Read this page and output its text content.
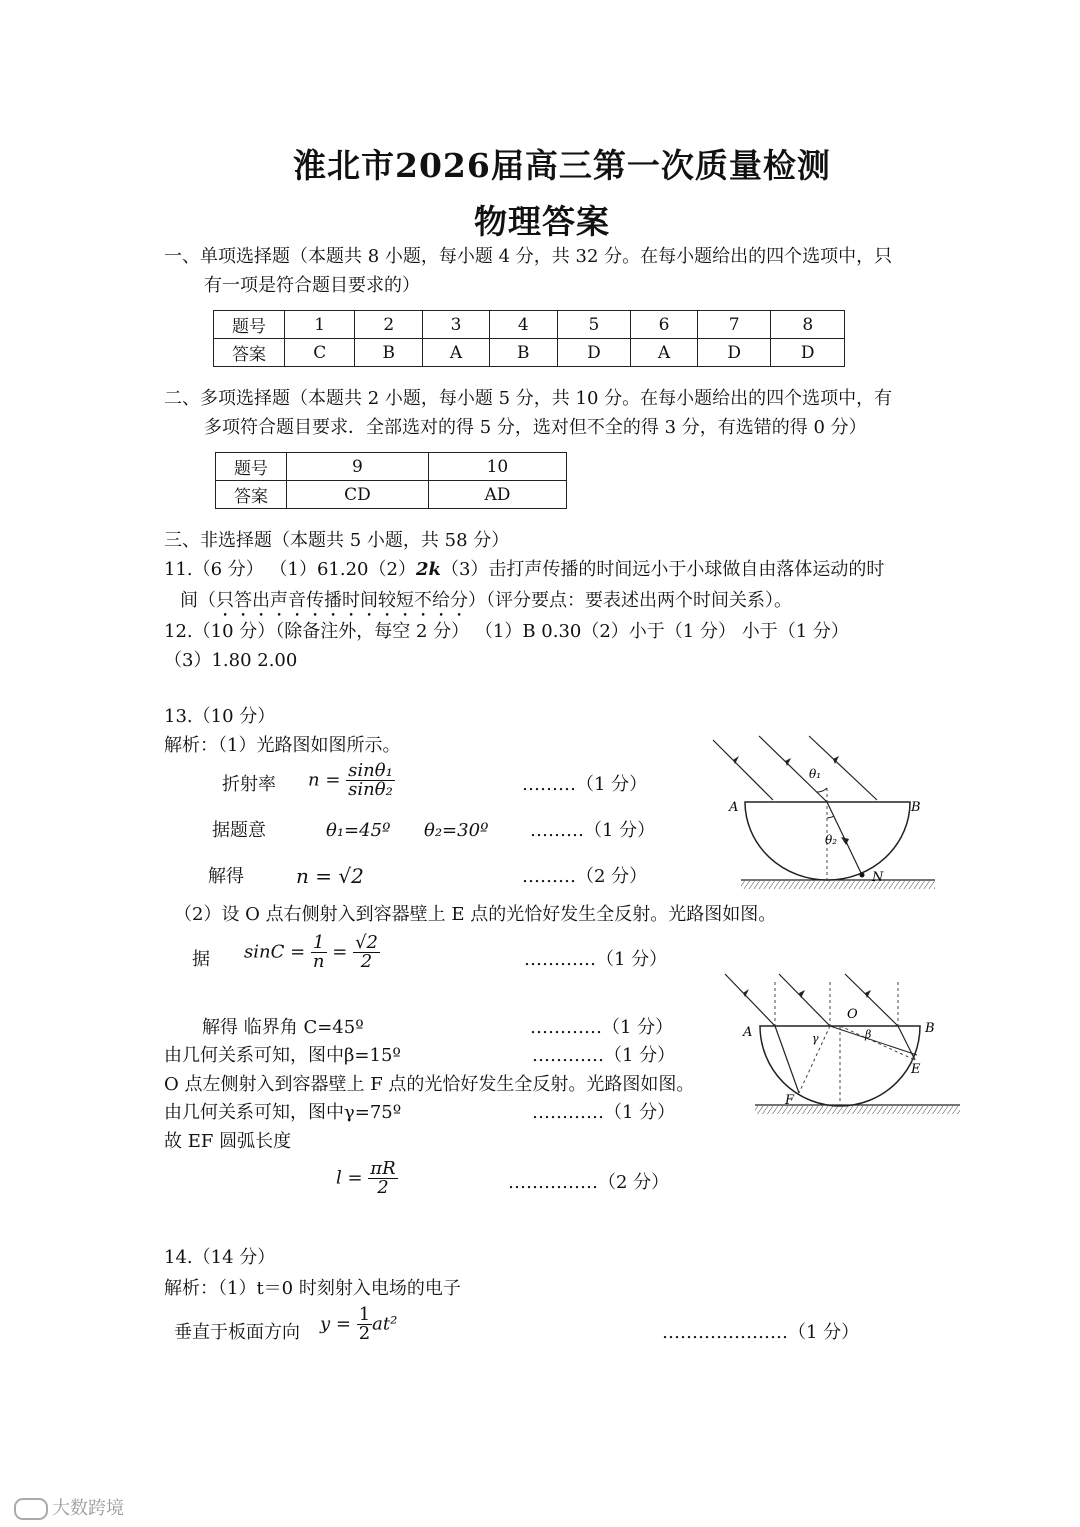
淮北市2026届高三第一次质量检测
物理答案
一、单项选择题（本题共 8 小题，每小题 4 分，共 32 分。在每小题给出的四个选项中，只
有一项是符合题目要求的）
题号	1	2	3	4	5	6	7	8
答案	C	B	A	B	D	A	D	D
二、多项选择题（本题共 2 小题，每小题 5 分，共 10 分。在每小题给出的四个选项中，有
多项符合题目要求．全部选对的得 5 分，选对但不全的得 3 分，有选错的得 0 分）
题号	9	10
答案	CD	AD
三、非选择题（本题共 5 小题，共 58 分）
11.（6 分） （1）61.20（2）2k（3）击打声传播的时间远小于小球做自由落体运动的时
间（只答出声音传播时间较短不给分）（评分要点：要表述出两个时间关系）。
12.（10 分）（除备注外，每空 2 分） （1）B 0.30（2）小于（1 分） 小于（1 分）
（3）1.80 2.00
13.（10 分）
解析：（1）光路图如图所示。
折射率 $n = \frac{\text{sinθ₁}}{\text{sinθ₂}}$	………（1 分）
据题意	θ₁=45º θ₂=30º ………（1 分）
解得	n = √2	………（2 分）
（2）设 O 点右侧射入到容器壁上 E 点的光恰好发生全反射。光路图如图。
据 $\sin C = \frac{1}{n} = \frac{√2}{2}$	…………（1 分）
解得 临界角 C=45º	…………（1 分）
由几何关系可知，图中β=15º	…………（1 分）
O 点左侧射入到容器壁上 F 点的光恰好发生全反射。光路图如图。
由几何关系可知，图中γ=75º	…………（1 分）
故 EF 圆弧长度
$l = \frac{\pi R}{2}$	……………（2 分）
A	B
N
θ₁
θ₂
A	B
O
E
F
γ	β
14.（14 分）
解析：（1）t＝0 时刻射入电场的电子
垂直于板面方向 $y = \frac{1}{2} at^2$	…………………（1 分）
大数跨境
